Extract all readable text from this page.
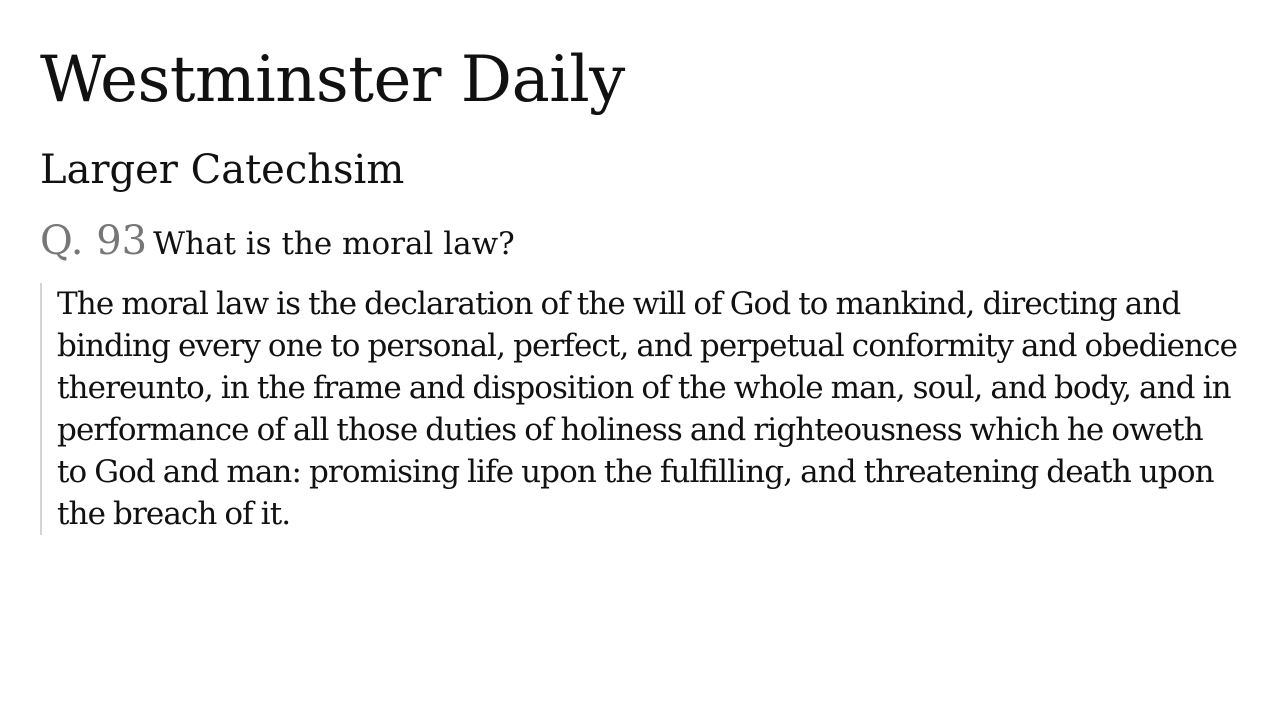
Westminster Daily
Larger Catechsim
Q. 93 What is the moral law?
The moral law is the declaration of the will of God to mankind, directing and binding every one to personal, perfect, and perpetual conformity and obedience thereunto, in the frame and disposition of the whole man, soul, and body, and in performance of all those duties of holiness and righteousness which he oweth to God and man: promising life upon the fulfilling, and threatening death upon the breach of it.
